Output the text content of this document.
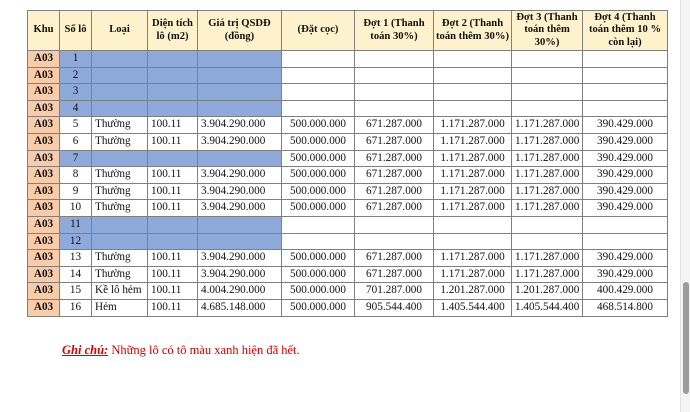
Khu	Số lô	Loại	Diện tích lô (m2)	Giá trị QSDĐ (đồng)	(Đặt cọc)	Đợt 1 (Thanh toán 30%)	Đợt 2 (Thanh toán thêm 30%)	Đợt 3 (Thanh toán thêm 30%)	Đợt 4 (Thanh toán thêm 10 % còn lại)
A03	1								
A03	2								
A03	3								
A03	4								
A03	5	Thường	100.11	3.904.290.000	500.000.000	671.287.000	1.171.287.000	1.171.287.000	390.429.000
A03	6	Thường	100.11	3.904.290.000	500.000.000	671.287.000	1.171.287.000	1.171.287.000	390.429.000
A03	7				500.000.000	671.287.000	1.171.287.000	1.171.287.000	390.429.000
A03	8	Thường	100.11	3.904.290.000	500.000.000	671.287.000	1.171.287.000	1.171.287.000	390.429.000
A03	9	Thường	100.11	3.904.290.000	500.000.000	671.287.000	1.171.287.000	1.171.287.000	390.429.000
A03	10	Thường	100.11	3.904.290.000	500.000.000	671.287.000	1.171.287.000	1.171.287.000	390.429.000
A03	11								
A03	12								
A03	13	Thường	100.11	3.904.290.000	500.000.000	671.287.000	1.171.287.000	1.171.287.000	390.429.000
A03	14	Thường	100.11	3.904.290.000	500.000.000	671.287.000	1.171.287.000	1.171.287.000	390.429.000
A03	15	Kề lô hẻm	100.11	4.004.290.000	500.000.000	701.287.000	1.201.287.000	1.201.287.000	400.429.000
A03	16	Hẻm	100.11	4.685.148.000	500.000.000	905.544.400	1.405.544.400	1.405.544.400	468.514.800
Ghi chú: Những lô có tô màu xanh hiện đã hết.
